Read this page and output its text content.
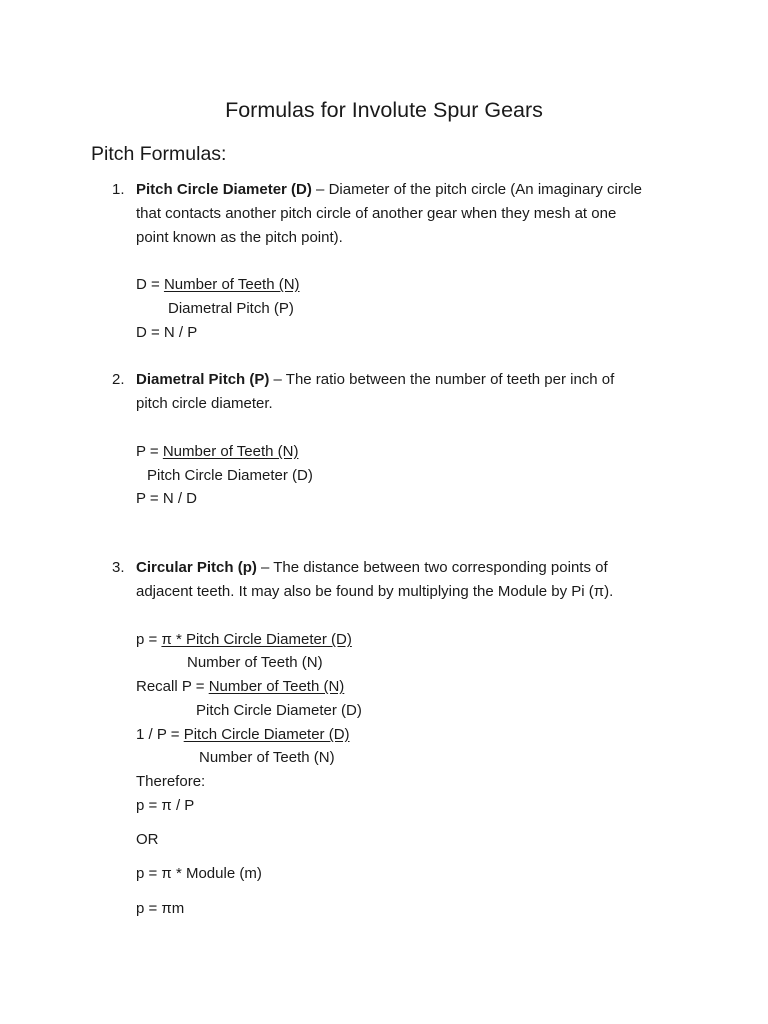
Formulas for Involute Spur Gears
Pitch Formulas:
1. Pitch Circle Diameter (D) – Diameter of the pitch circle (An imaginary circle

that contacts another pitch circle of another gear when they mesh at one

point known as the pitch point).

D = Number of Teeth (N)

Diametral Pitch (P)

D = N / P

2. Diametral Pitch (P) – The ratio between the number of teeth per inch of

pitch circle diameter.

P = Number of Teeth (N)

Pitch Circle Diameter (D)

P = N / D

3. Circular Pitch (p) – The distance between two corresponding points of

adjacent teeth. It may also be found by multiplying the Module by Pi (π).

p = π * Pitch Circle Diameter (D)

Number of Teeth (N)

Recall P = Number of Teeth (N)

Pitch Circle Diameter (D)

1 / P = Pitch Circle Diameter (D)

Number of Teeth (N)

Therefore:

p = π / P

OR

p = π * Module (m)

p = πm
